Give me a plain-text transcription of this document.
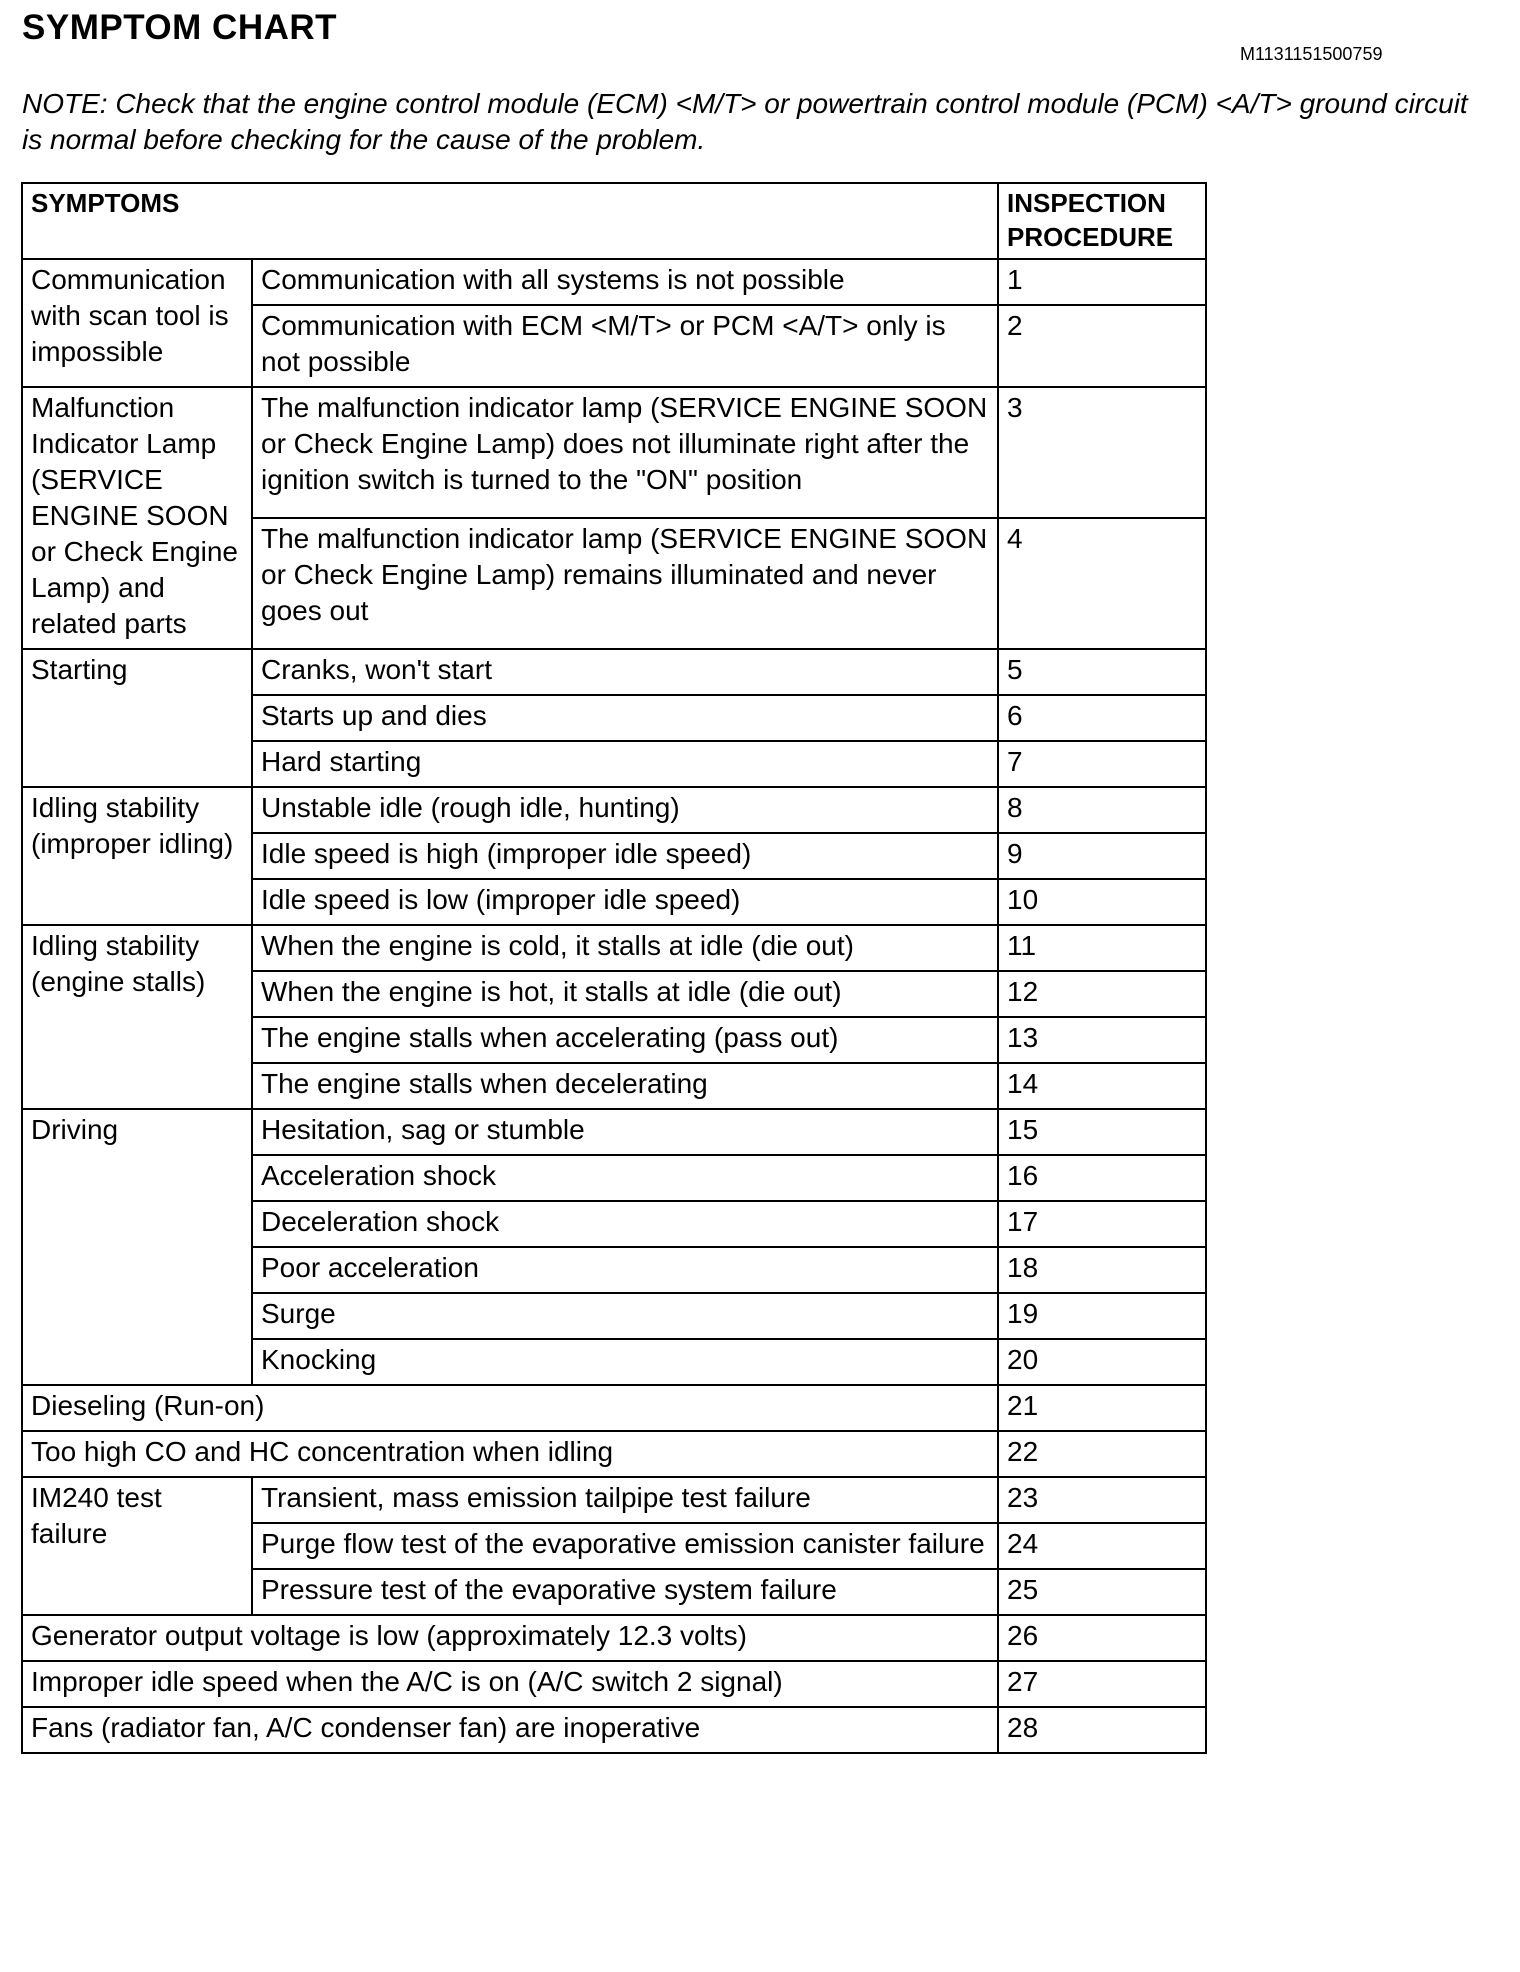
SYMPTOM CHART
M1131151500759
NOTE: Check that the engine control module (ECM) <M/T> or powertrain control module (PCM) <A/T> ground circuit is normal before checking for the cause of the problem.
SYMPTOMS		INSPECTION PROCEDURE
Communication with scan tool is impossible	Communication with all systems is not possible	1
	Communication with ECM <M/T> or PCM <A/T> only is not possible	2
Malfunction Indicator Lamp (SERVICE ENGINE SOON or Check Engine Lamp) and related parts	The malfunction indicator lamp (SERVICE ENGINE SOON or Check Engine Lamp) does not illuminate right after the ignition switch is turned to the "ON" position	3
	The malfunction indicator lamp (SERVICE ENGINE SOON or Check Engine Lamp) remains illuminated and never goes out	4
Starting	Cranks, won't start	5
	Starts up and dies	6
	Hard starting	7
Idling stability (improper idling)	Unstable idle (rough idle, hunting)	8
	Idle speed is high (improper idle speed)	9
	Idle speed is low (improper idle speed)	10
Idling stability (engine stalls)	When the engine is cold, it stalls at idle (die out)	11
	When the engine is hot, it stalls at idle (die out)	12
	The engine stalls when accelerating (pass out)	13
	The engine stalls when decelerating	14
Driving	Hesitation, sag or stumble	15
	Acceleration shock	16
	Deceleration shock	17
	Poor acceleration	18
	Surge	19
	Knocking	20
Dieseling (Run-on)		21
Too high CO and HC concentration when idling		22
IM240 test failure	Transient, mass emission tailpipe test failure	23
	Purge flow test of the evaporative emission canister failure	24
	Pressure test of the evaporative system failure	25
Generator output voltage is low (approximately 12.3 volts)		26
Improper idle speed when the A/C is on (A/C switch 2 signal)		27
Fans (radiator fan, A/C condenser fan) are inoperative		28
